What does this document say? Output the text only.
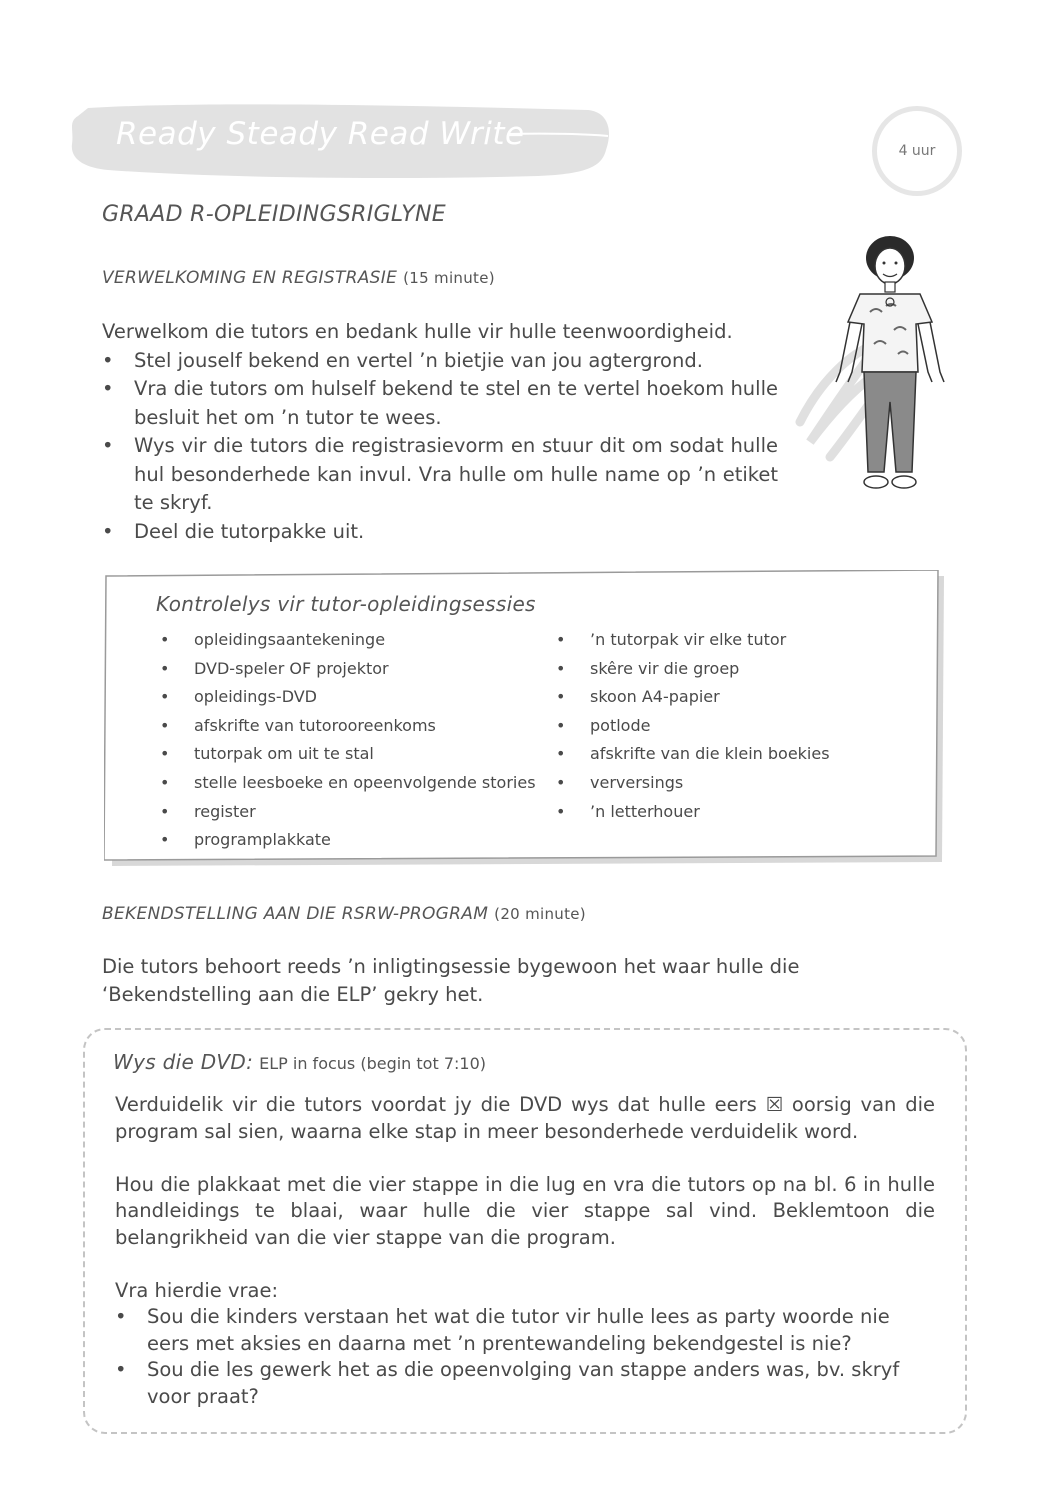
Ready Steady Read Write	4 uur
GRAAD R-OPLEIDINGSRIGLYNE
VERWELKOMING EN REGISTRASIE (15 minute)
Verwelkom die tutors en bedank hulle vir hulle teenwoordigheid.
• Stel jouself bekend en vertel ’n bietjie van jou agtergrond.
• Vra die tutors om hulself bekend te stel en te vertel hoekom hulle besluit het om ’n tutor te wees.
• Wys vir die tutors die registrasievorm en stuur dit om sodat hulle hul besonderhede kan invul. Vra hulle om hulle name op ’n etiket te skryf.
• Deel die tutorpakke uit.
Kontrolelys vir tutor-opleidingsessies
• opleidingsaantekeninge
• DVD-speler OF projektor
• opleidings-DVD
• afskrifte van tutorooreenkoms
• tutorpak om uit te stal
• stelle leesboeke en opeenvolgende stories
• register
• programplakkate
• ’n tutorpak vir elke tutor
• skêre vir die groep
• skoon A4-papier
• potlode
• afskrifte van die klein boekies
• verversings
• ’n letterhouer
BEKENDSTELLING AAN DIE RSRW-PROGRAM (20 minute)
Die tutors behoort reeds ’n inligtingsessie bygewoon het waar hulle die ‘Bekendstelling aan die ELP’ gekry het.
Wys die DVD: ELP in focus (begin tot 7:10)

Verduidelik vir die tutors voordat jy die DVD wys dat hulle eers ☒ oorsig van die program sal sien, waarna elke stap in meer besonderhede verduidelik word.

Hou die plakkaat met die vier stappe in die lug en vra die tutors op na bl. 6 in hulle handleidings te blaai, waar hulle die vier stappe sal vind. Beklemtoon die belangrikheid van die vier stappe van die program.

Vra hierdie vrae:
• Sou die kinders verstaan het wat die tutor vir hulle lees as party woorde nie eers met aksies en daarna met ’n prentewandeling bekendgestel is nie?
• Sou die les gewerk het as die opeenvolging van stappe anders was, bv. skryf voor praat?
